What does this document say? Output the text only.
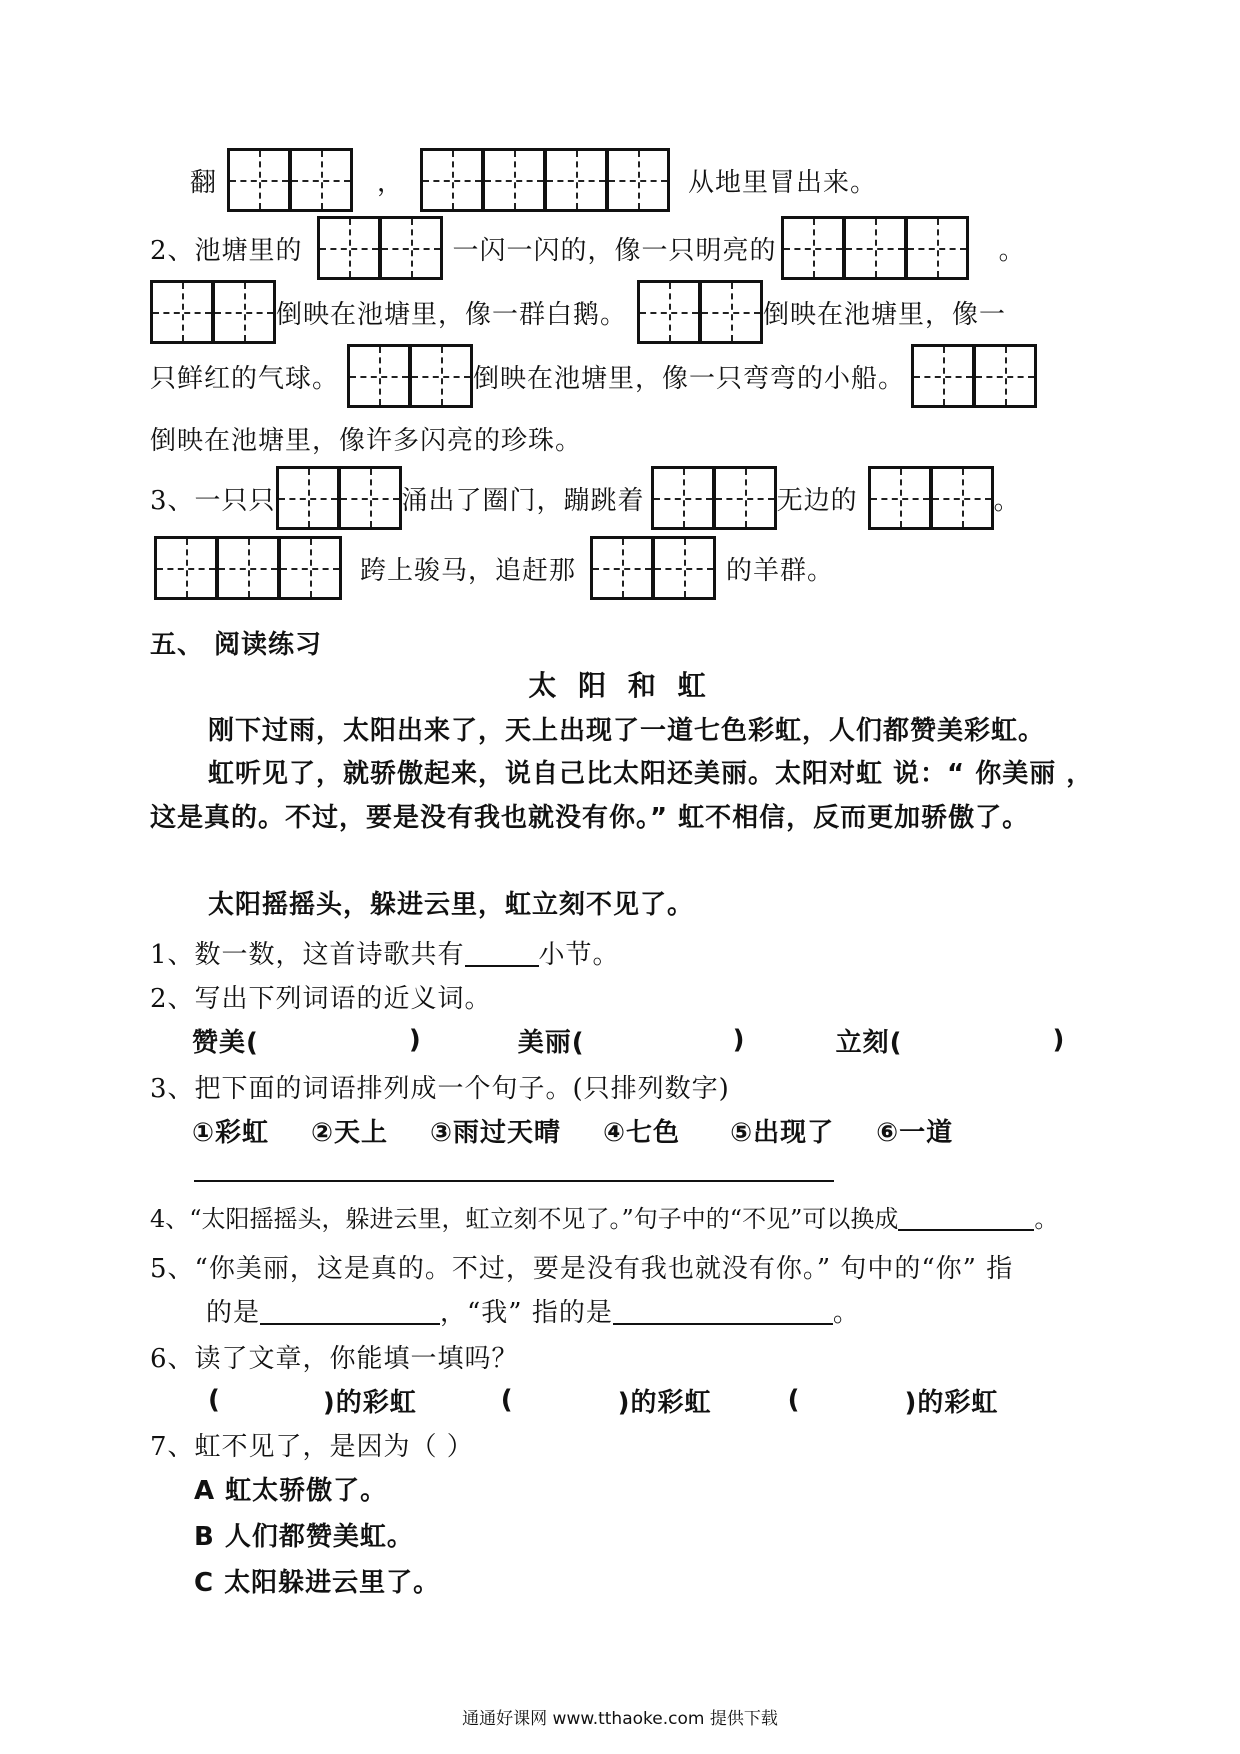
翻	，	从地里冒出来。
2、池塘里的	一闪一闪的，像一只明亮的	。
倒映在池塘里，像一群白鹅。	倒映在池塘里，像一
只鲜红的气球。	倒映在池塘里，像一只弯弯的小船。
倒映在池塘里，像许多闪亮的珍珠。
3、一只只	涌出了圈门，蹦跳着	无边的	。
跨上骏马，追赶那	的羊群。
五、 阅读练习
太 阳 和 虹
刚下过雨，太阳出来了，天上出现了一道七色彩虹，人们都赞美彩虹。
虹听见了，就骄傲起来，说自己比太阳还美丽。太阳对虹 说：“ 你美丽 ，这是真的。不过，要是没有我也就没有你。” 虹不相信，反而更加骄傲了。
太阳摇摇头，躲进云里，虹立刻不见了。
1、数一数，这首诗歌共有	小节。
2、写出下列词语的近义词。
赞美(	)	美丽(	)	立刻(	)
3、把下面的词语排列成一个句子。(只排列数字)
①彩虹 ②天上 ③雨过天晴 ④七色 ⑤出现了 ⑥一道
4、“太阳摇摇头，躲进云里，虹立刻不见了。”句子中的“不见”可以换成	。
5、“你美丽，这是真的。不过，要是没有我也就没有你。” 句中的“你” 指
的是	，“我” 指的是	。
6、读了文章，你能填一填吗？
(	)的彩虹	(	)的彩虹	(	)的彩虹
7、虹不见了，是因为（ ）
A 虹太骄傲了。
B 人们都赞美虹。
C 太阳躲进云里了。
通通好课网 www.tthaoke.com 提供下载
